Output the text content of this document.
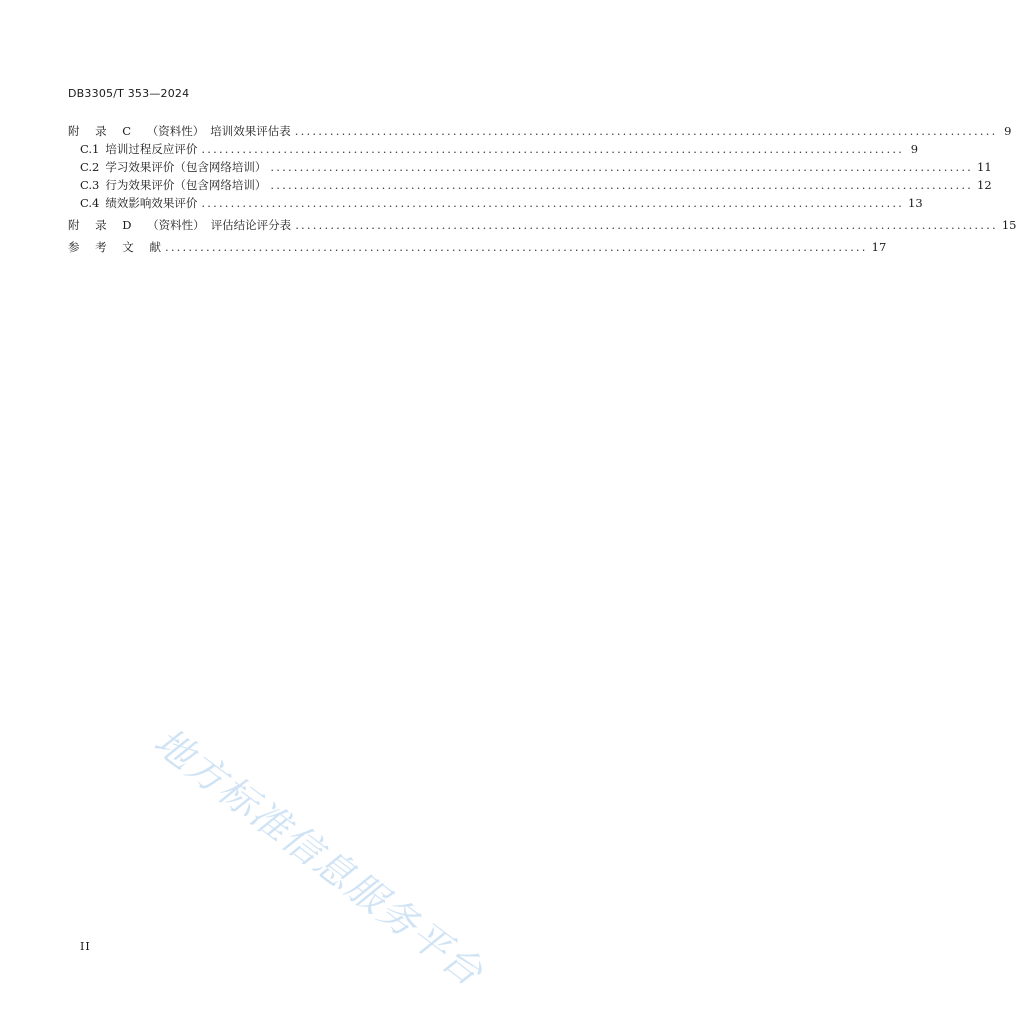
DB3305/T 353—2024
附 录 C （资料性） 培训效果评估表 ........................................................................................................................ 9
C.1 培训过程反应评价 ........................................................................................................................ 9
C.2 学习效果评价（包含网络培训） ........................................................................................................................ 11
C.3 行为效果评价（包含网络培训） ........................................................................................................................ 12
C.4 绩效影响效果评价 ........................................................................................................................ 13
附 录 D （资料性） 评估结论评分表 ........................................................................................................................ 15
参 考 文 献 ........................................................................................................................ 17
地方标准信息服务平台
II
